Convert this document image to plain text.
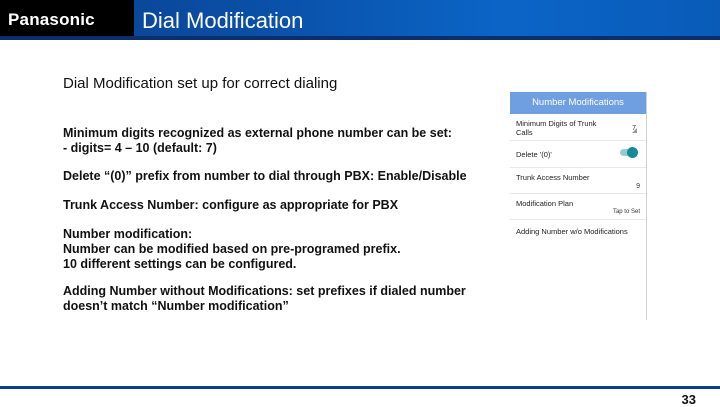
Panasonic Dial Modification
Dial Modification set up for correct dialing
Minimum digits recognized as external phone number can be set:
- digits= 4 – 10 (default: 7)
Delete “(0)” prefix from number to dial through PBX: Enable/Disable
Trunk Access Number: configure as appropriate for PBX
Number modification:
Number can be modified based on pre-programed prefix.
10 different settings can be configured.
Adding Number without Modifications: set prefixes if dialed number doesn’t match “Number modification”
Number Modifications
Minimum Digits of Trunk Calls	7
Delete '(0)'
Trunk Access Number
9
Modification Plan
Tap to Set
Adding Number w/o Modifications
33
